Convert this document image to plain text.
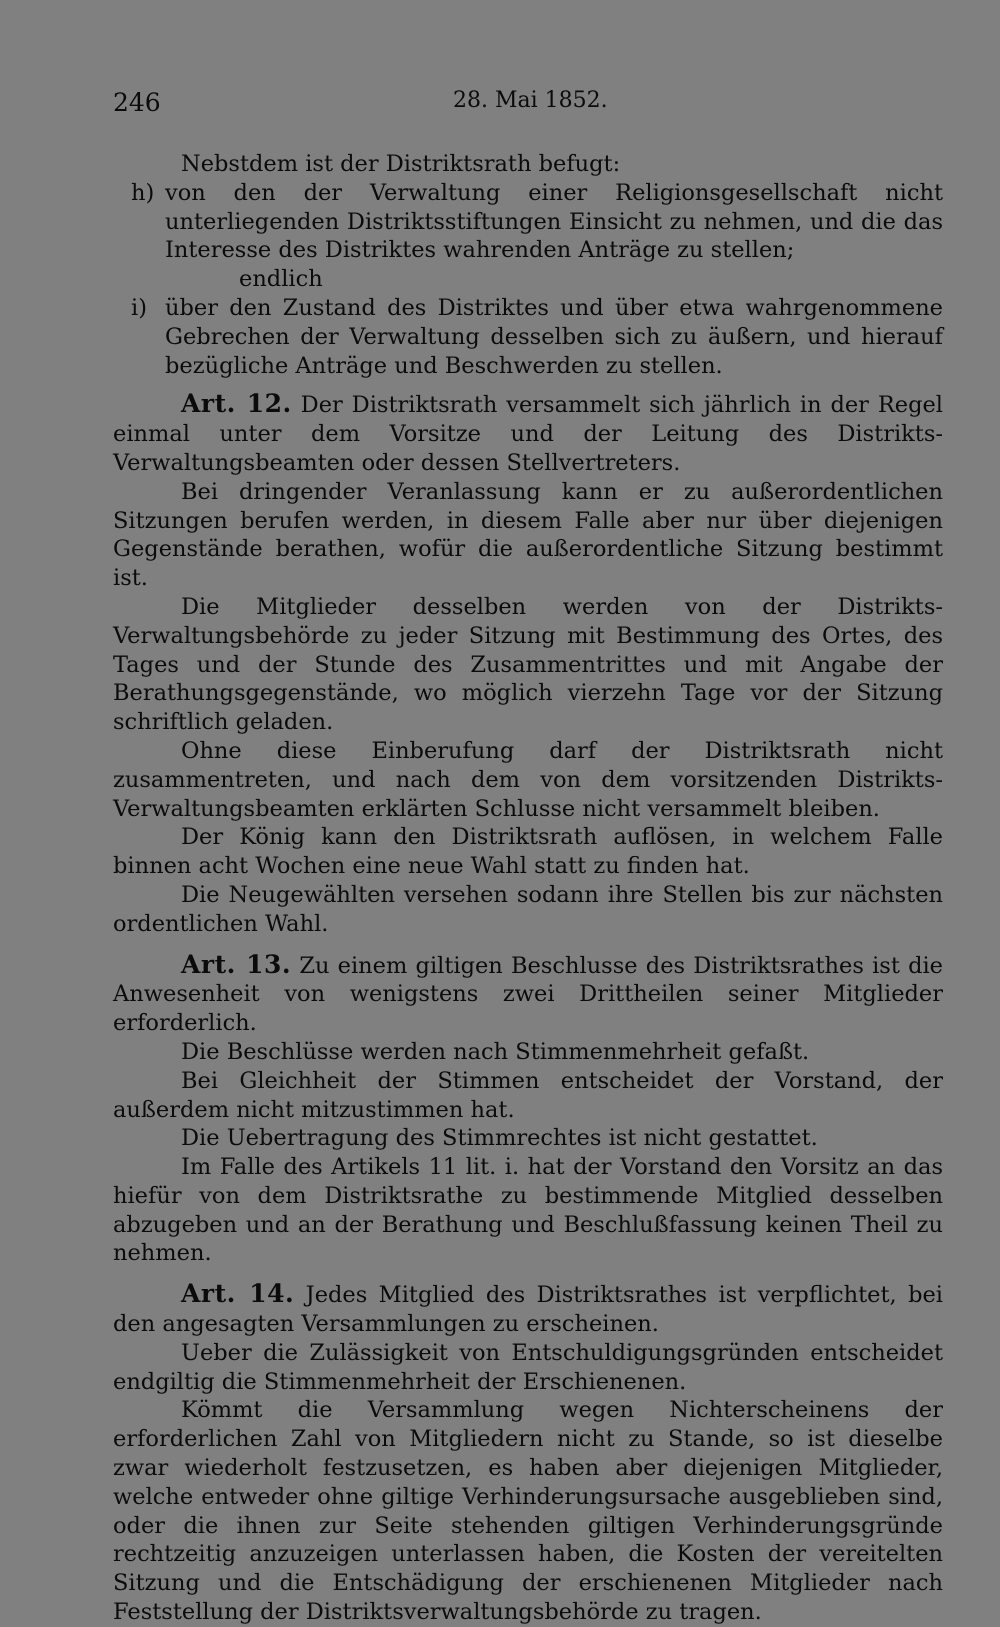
246	28. Mai 1852.

Nebstdem ist der Distriktsrath befugt:

h) von den der Verwaltung einer Religionsgesellschaft nicht unterliegenden Distriktsstiftungen Einsicht zu nehmen, und die das Interesse des Distriktes wahrenden Anträge zu stellen;

endlich

i) über den Zustand des Distriktes und über etwa wahrgenommene Gebrechen der Verwaltung desselben sich zu äußern, und hierauf bezügliche Anträge und Beschwerden zu stellen.

Art. 12. Der Distriktsrath versammelt sich jährlich in der Regel einmal unter dem Vorsitze und der Leitung des Distrikts-Verwaltungsbeamten oder dessen Stellvertreters.

Bei dringender Veranlassung kann er zu außerordentlichen Sitzungen berufen werden, in diesem Falle aber nur über diejenigen Gegenstände berathen, wofür die außerordentliche Sitzung bestimmt ist.

Die Mitglieder desselben werden von der Distrikts-Verwaltungsbehörde zu jeder Sitzung mit Bestimmung des Ortes, des Tages und der Stunde des Zusammentrittes und mit Angabe der Berathungsgegenstände, wo möglich vierzehn Tage vor der Sitzung schriftlich geladen.

Ohne diese Einberufung darf der Distriktsrath nicht zusammentreten, und nach dem von dem vorsitzenden Distrikts-Verwaltungsbeamten erklärten Schlusse nicht versammelt bleiben.

Der König kann den Distriktsrath auflösen, in welchem Falle binnen acht Wochen eine neue Wahl statt zu finden hat.

Die Neugewählten versehen sodann ihre Stellen bis zur nächsten ordentlichen Wahl.

Art. 13. Zu einem giltigen Beschlusse des Distriktsrathes ist die Anwesenheit von wenigstens zwei Drittheilen seiner Mitglieder erforderlich.

Die Beschlüsse werden nach Stimmenmehrheit gefaßt.

Bei Gleichheit der Stimmen entscheidet der Vorstand, der außerdem nicht mitzustimmen hat.

Die Uebertragung des Stimmrechtes ist nicht gestattet.

Im Falle des Artikels 11 lit. i. hat der Vorstand den Vorsitz an das hiefür von dem Distriktsrathe zu bestimmende Mitglied desselben abzugeben und an der Berathung und Beschlußfassung keinen Theil zu nehmen.

Art. 14. Jedes Mitglied des Distriktsrathes ist verpflichtet, bei den angesagten Versammlungen zu erscheinen.

Ueber die Zulässigkeit von Entschuldigungsgründen entscheidet endgiltig die Stimmenmehrheit der Erschienenen.

Kömmt die Versammlung wegen Nichterscheinens der erforderlichen Zahl von Mitgliedern nicht zu Stande, so ist dieselbe zwar wiederholt festzusetzen, es haben aber diejenigen Mitglieder, welche entweder ohne giltige Verhinderungsursache ausgeblieben sind, oder die ihnen zur Seite stehenden giltigen Verhinderungsgründe rechtzeitig anzuzeigen unterlassen haben, die Kosten der vereitelten Sitzung und die Entschädigung der erschienenen Mitglieder nach Feststellung der Distriktsverwaltungsbehörde zu tragen.
